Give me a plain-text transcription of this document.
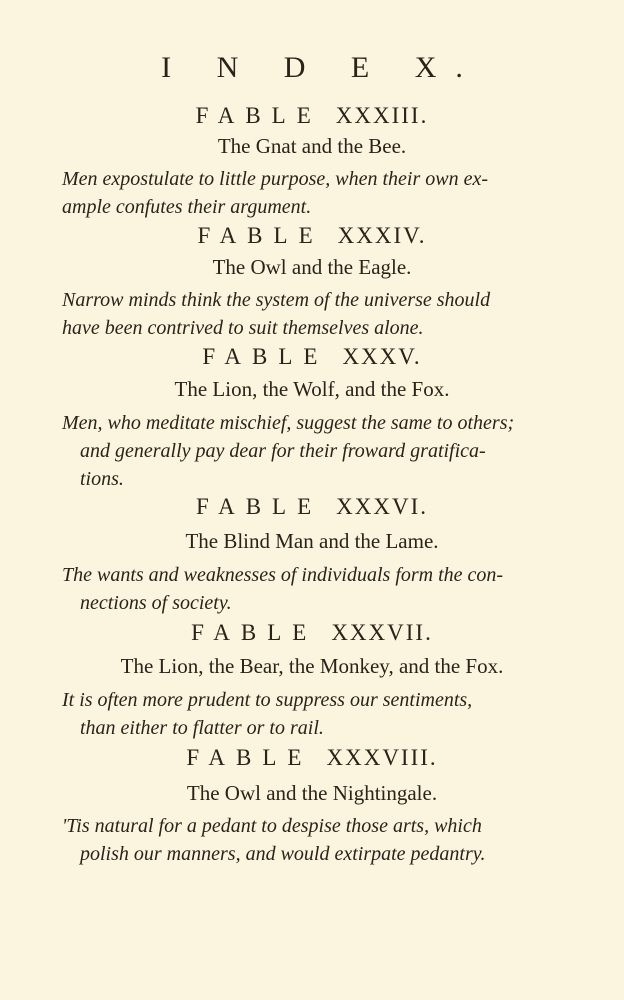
I N D E X.
FABLE XXXIII.

The Gnat and the Bee.

Men expostulate to little purpose, when their own ex-
ample confutes their argument.

FABLE XXXIV.

The Owl and the Eagle.

Narrow minds think the system of the universe should
have been contrived to suit themselves alone.

FABLE XXXV.

The Lion, the Wolf, and the Fox.

Men, who meditate mischief, suggest the same to others;
and generally pay dear for their froward gratifica-
tions.

FABLE XXXVI.

The Blind Man and the Lame.

The wants and weaknesses of individuals form the con-
nections of society.

FABLE XXXVII.

The Lion, the Bear, the Monkey, and the Fox.

It is often more prudent to suppress our sentiments,
than either to flatter or to rail.

FABLE XXXVIII.

The Owl and the Nightingale.

'Tis natural for a pedant to despise those arts, which
polish our manners, and would extirpate pedantry.
